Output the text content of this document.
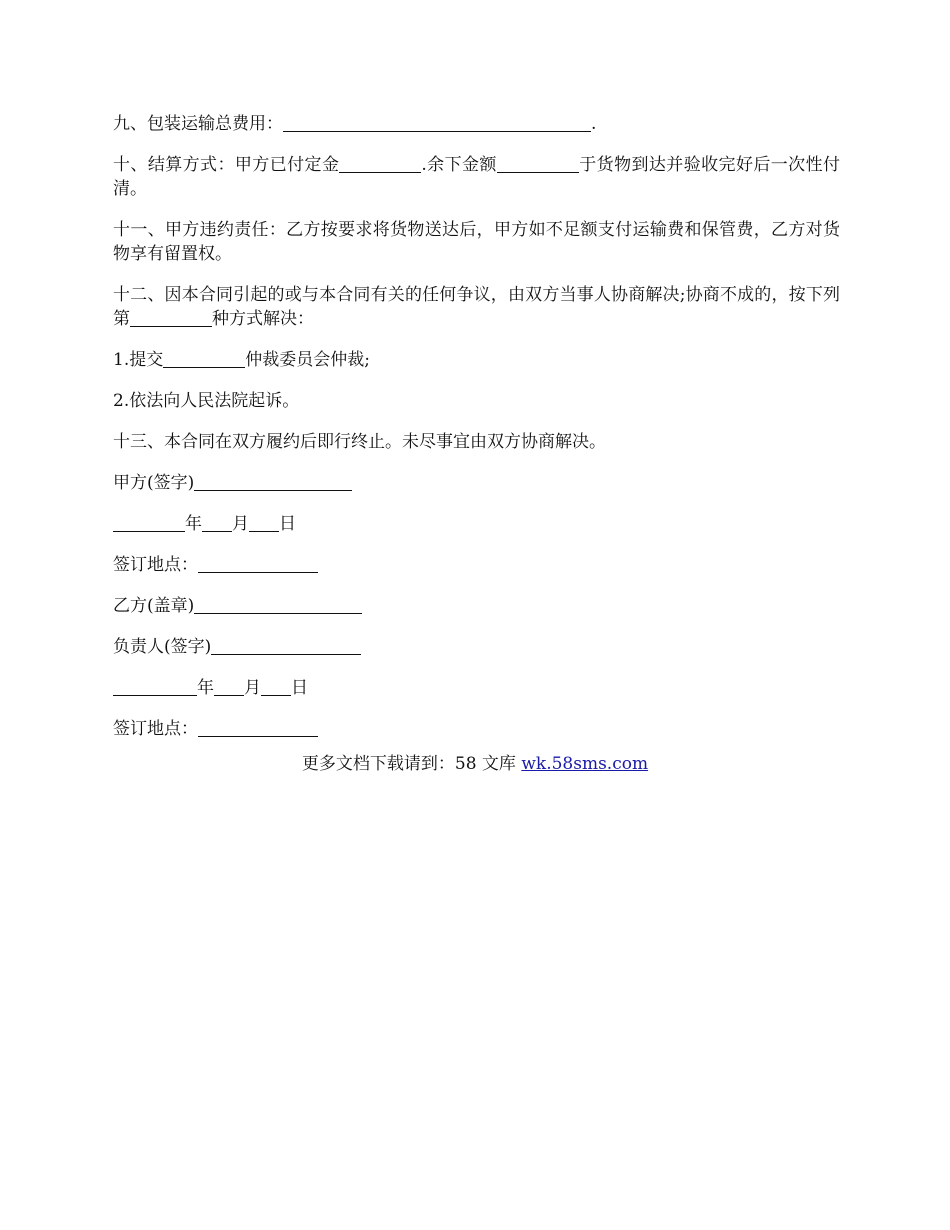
九、包装运输总费用：	.

十、结算方式：甲方已付定金	.余下金额	于货物到达并验收完好后一次性付清。

十一、甲方违约责任：乙方按要求将货物送达后，甲方如不足额支付运输费和保管费，乙方对货物享有留置权。

十二、因本合同引起的或与本合同有关的任何争议，由双方当事人协商解决;协商不成的，按下列第	种方式解决：

1.提交	仲裁委员会仲裁;

2.依法向人民法院起诉。

十三、本合同在双方履约后即行终止。未尽事宜由双方协商解决。

甲方(签字)

年 月 日

签订地点：

乙方(盖章)

负责人(签字)

年 月 日

签订地点：

更多文档下载请到：58 文库 wk.58sms.com
